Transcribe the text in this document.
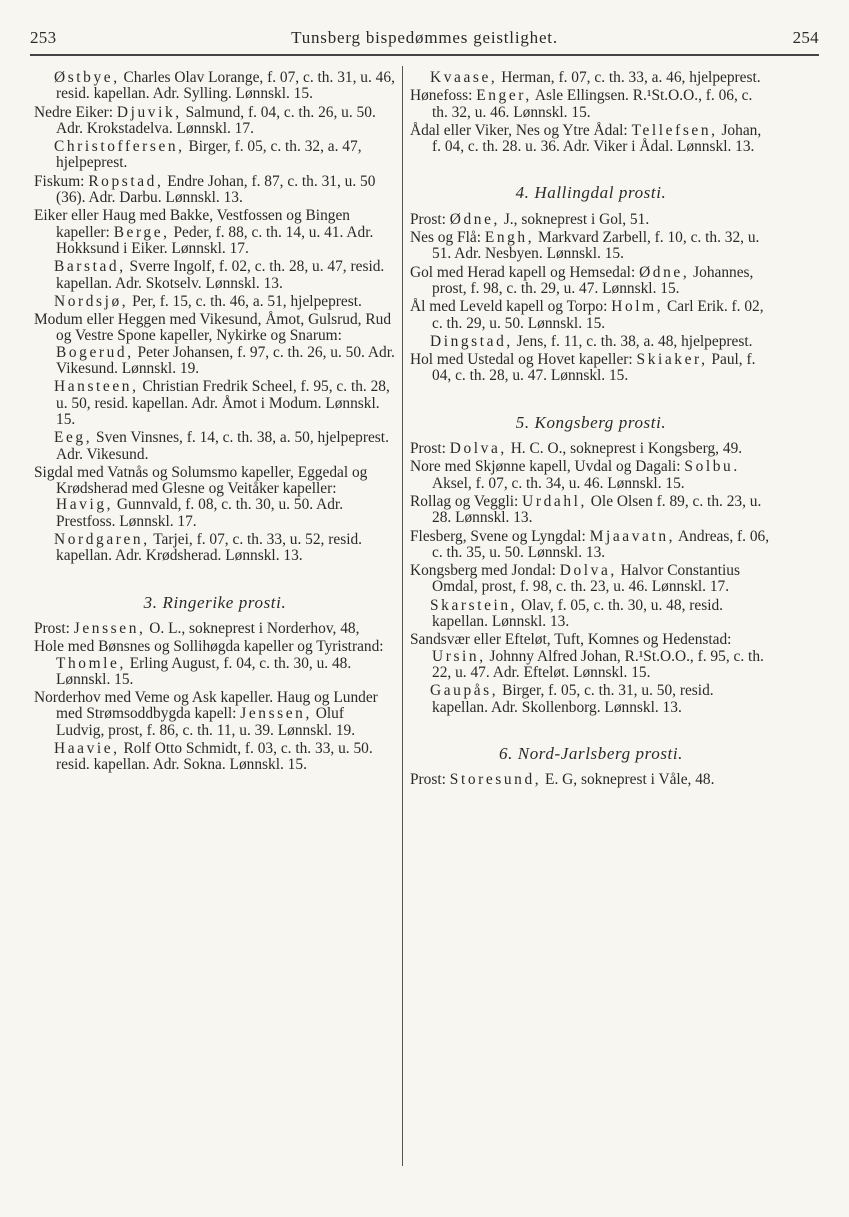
253	Tunsberg bispedømmes geistlighet.	254

Østbye, Charles Olav Lorange, f. 07, c. th. 31, u. 46, resid. kapellan. Adr. Sylling. Lønnskl. 15.

Nedre Eiker: Djuvik, Salmund, f. 04, c. th. 26, u. 50. Adr. Krokstadelva. Lønnskl. 17.

Christoffersen, Birger, f. 05, c. th. 32, a. 47, hjelpeprest.

Fiskum: Ropstad, Endre Johan, f. 87, c. th. 31, u. 50 (36). Adr. Darbu. Lønnskl. 13.

Eiker eller Haug med Bakke, Vestfossen og Bingen kapeller: Berge, Peder, f. 88, c. th. 14, u. 41. Adr. Hokksund i Eiker. Lønnskl. 17.

Barstad, Sverre Ingolf, f. 02, c. th. 28, u. 47, resid. kapellan. Adr. Skotselv. Lønnskl. 13.

Nordsjø, Per, f. 15, c. th. 46, a. 51, hjelpeprest.

Modum eller Heggen med Vikesund, Åmot, Gulsrud, Rud og Vestre Spone kapeller, Nykirke og Snarum: Bogerud, Peter Johansen, f. 97, c. th. 26, u. 50. Adr. Vikesund. Lønnskl. 19.

Hansteen, Christian Fredrik Scheel, f. 95, c. th. 28, u. 50, resid. kapellan. Adr. Åmot i Modum. Lønnskl. 15.

Eeg, Sven Vinsnes, f. 14, c. th. 38, a. 50, hjelpeprest. Adr. Vikesund.

Sigdal med Vatnås og Solumsmo kapeller, Eggedal og Krødsherad med Glesne og Veitåker kapeller: Havig, Gunnvald, f. 08, c. th. 30, u. 50. Adr. Prestfoss. Lønnskl. 17.

Nordgaren, Tarjei, f. 07, c. th. 33, u. 52, resid. kapellan. Adr. Krødsherad. Lønnskl. 13.

3. Ringerike prosti.

Prost: Jenssen, O. L., sokneprest i Norderhov, 48,

Hole med Bønsnes og Sollihøgda kapeller og Tyristrand: Thomle, Erling August, f. 04, c. th. 30, u. 48. Lønnskl. 15.

Norderhov med Veme og Ask kapeller. Haug og Lunder med Strømsoddbygda kapell: Jenssen, Oluf Ludvig, prost, f. 86, c. th. 11, u. 39. Lønnskl. 19.

Haavie, Rolf Otto Schmidt, f. 03, c. th. 33, u. 50. resid. kapellan. Adr. Sokna. Lønnskl. 15.

Kvaase, Herman, f. 07, c. th. 33, a. 46, hjelpeprest.

Hønefoss: Enger, Asle Ellingsen. R.¹St.O.O., f. 06, c. th. 32, u. 46. Lønnskl. 15.

Ådal eller Viker, Nes og Ytre Ådal: Tellefsen, Johan, f. 04, c. th. 28. u. 36. Adr. Viker i Ådal. Lønnskl. 13.

4. Hallingdal prosti.

Prost: Ødne, J., sokneprest i Gol, 51.

Nes og Flå: Engh, Markvard Zarbell, f. 10, c. th. 32, u. 51. Adr. Nesbyen. Lønnskl. 15.

Gol med Herad kapell og Hemsedal: Ødne, Johannes, prost, f. 98, c. th. 29, u. 47. Lønnskl. 15.

Ål med Leveld kapell og Torpo: Holm, Carl Erik. f. 02, c. th. 29, u. 50. Lønnskl. 15.

Dingstad, Jens, f. 11, c. th. 38, a. 48, hjelpeprest.

Hol med Ustedal og Hovet kapeller: Skiaker, Paul, f. 04, c. th. 28, u. 47. Lønnskl. 15.

5. Kongsberg prosti.

Prost: Dolva, H. C. O., sokneprest i Kongsberg, 49.

Nore med Skjønne kapell, Uvdal og Dagali: Solbu. Aksel, f. 07, c. th. 34, u. 46. Lønnskl. 15.

Rollag og Veggli: Urdahl, Ole Olsen f. 89, c. th. 23, u. 28. Lønnskl. 13.

Flesberg, Svene og Lyngdal: Mjaavatn, Andreas, f. 06, c. th. 35, u. 50. Lønnskl. 13.

Kongsberg med Jondal: Dolva, Halvor Constantius Omdal, prost, f. 98, c. th. 23, u. 46. Lønnskl. 17.

Skarstein, Olav, f. 05, c. th. 30, u. 48, resid. kapellan. Lønnskl. 13.

Sandsvær eller Efteløt, Tuft, Komnes og Hedenstad: Ursin, Johnny Alfred Johan, R.¹St.O.O., f. 95, c. th. 22, u. 47. Adr. Efteløt. Lønnskl. 15.

Gaupås, Birger, f. 05, c. th. 31, u. 50, resid. kapellan. Adr. Skollenborg. Lønnskl. 13.

6. Nord-Jarlsberg prosti.

Prost: Storesund, E. G, sokneprest i Våle, 48.
